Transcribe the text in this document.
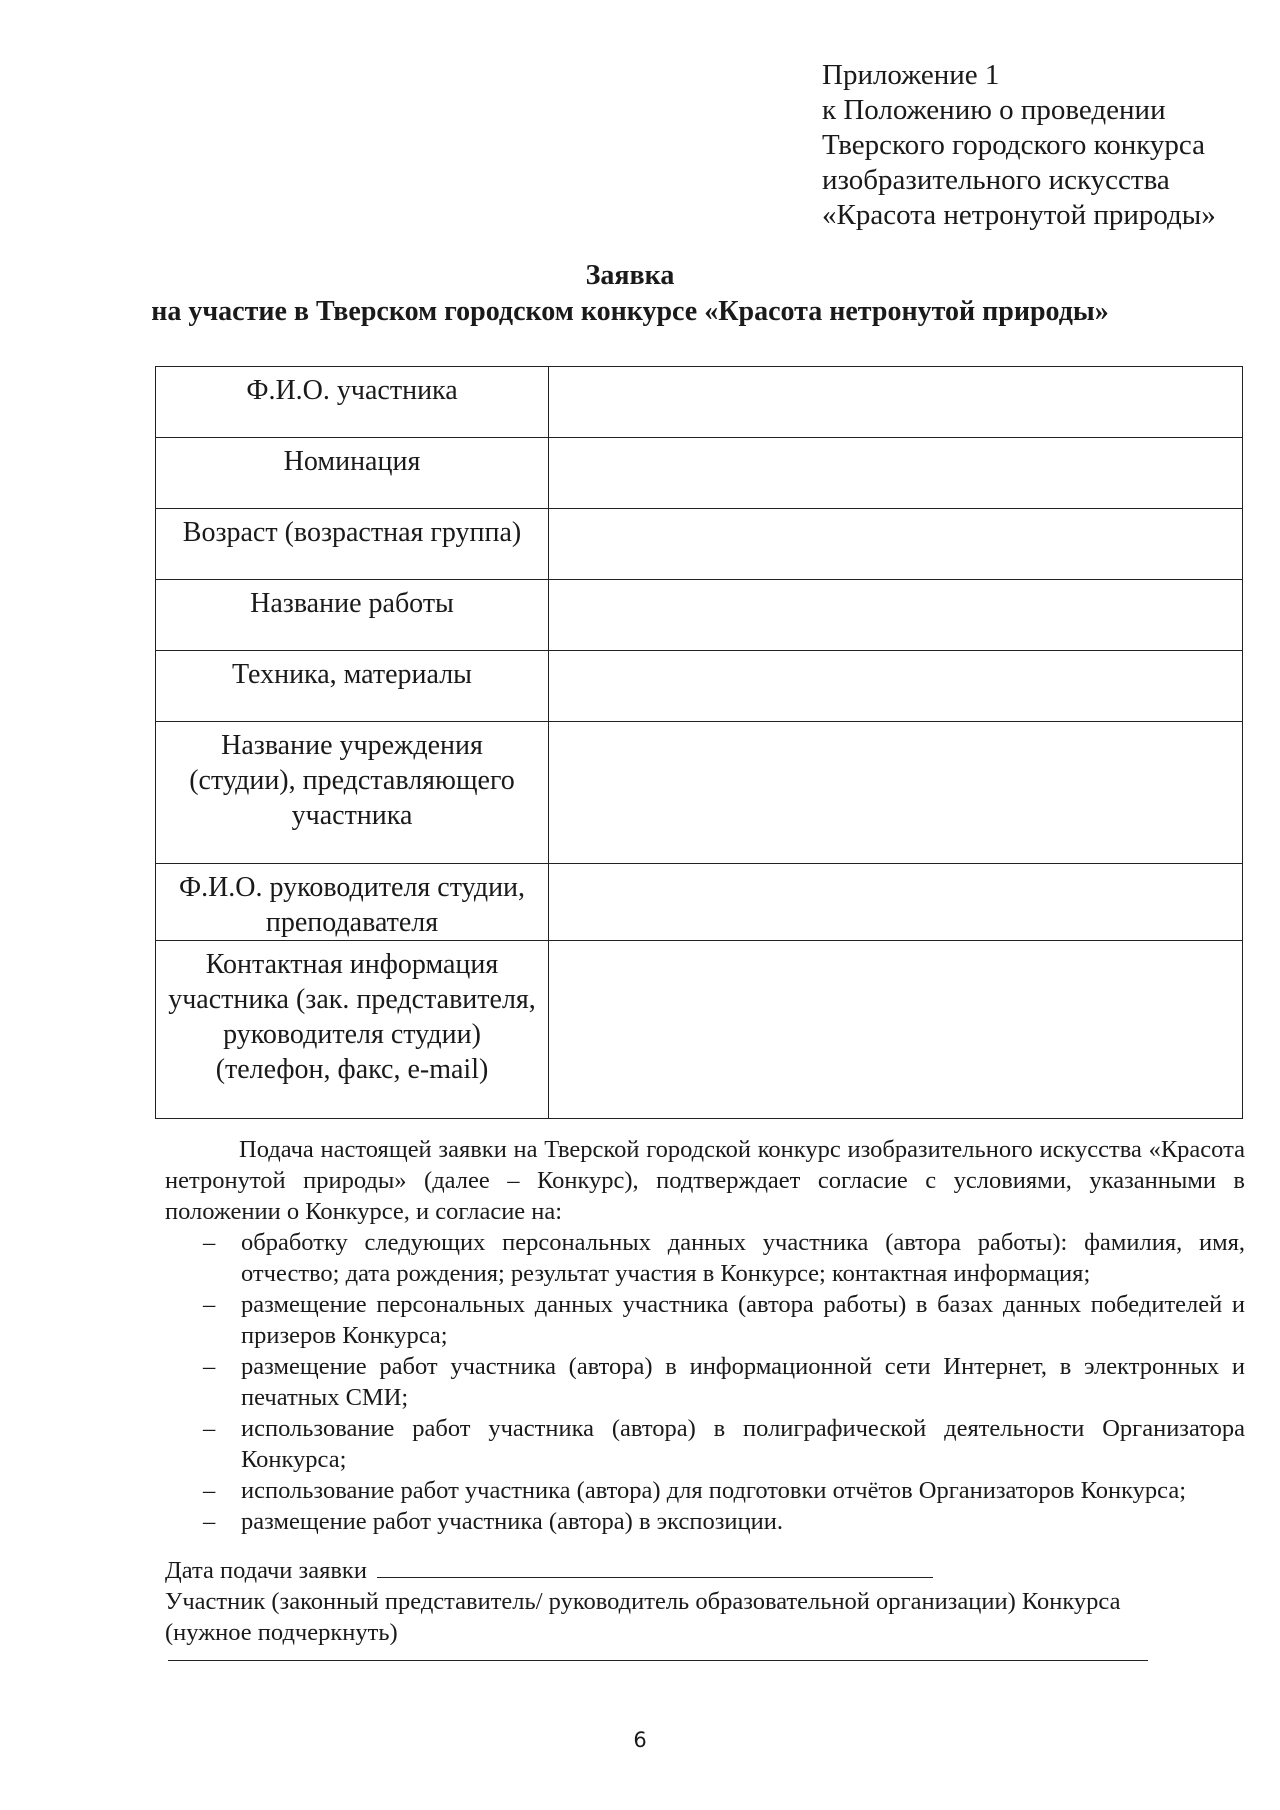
Приложение 1
к Положению о проведении
Тверского городского конкурса
изобразительного искусства
«Красота нетронутой природы»
Заявка
на участие в Тверском городском конкурсе «Красота нетронутой природы»
Ф.И.О. участника	
Номинация	
Возраст (возрастная группа)	
Название работы	
Техника, материалы	
Название учреждения (студии), представляющего участника	
Ф.И.О. руководителя студии, преподавателя	
Контактная информация участника (зак. представителя, руководителя студии) (телефон, факс, e-mail)	
Подача настоящей заявки на Тверской городской конкурс изобразительного искусства «Красота нетронутой природы» (далее – Конкурс), подтверждает согласие с условиями, указанными в положении о Конкурсе, и согласие на:
– обработку следующих персональных данных участника (автора работы): фамилия, имя, отчество; дата рождения; результат участия в Конкурсе; контактная информация;
– размещение персональных данных участника (автора работы) в базах данных победителей и призеров Конкурса;
– размещение работ участника (автора) в информационной сети Интернет, в электронных и печатных СМИ;
– использование работ участника (автора) в полиграфической деятельности Организатора Конкурса;
– использование работ участника (автора) для подготовки отчётов Организаторов Конкурса;
– размещение работ участника (автора) в экспозиции.
Дата подачи заявки
Участник (законный представитель/ руководитель образовательной организации) Конкурса
(нужное подчеркнуть)
6
